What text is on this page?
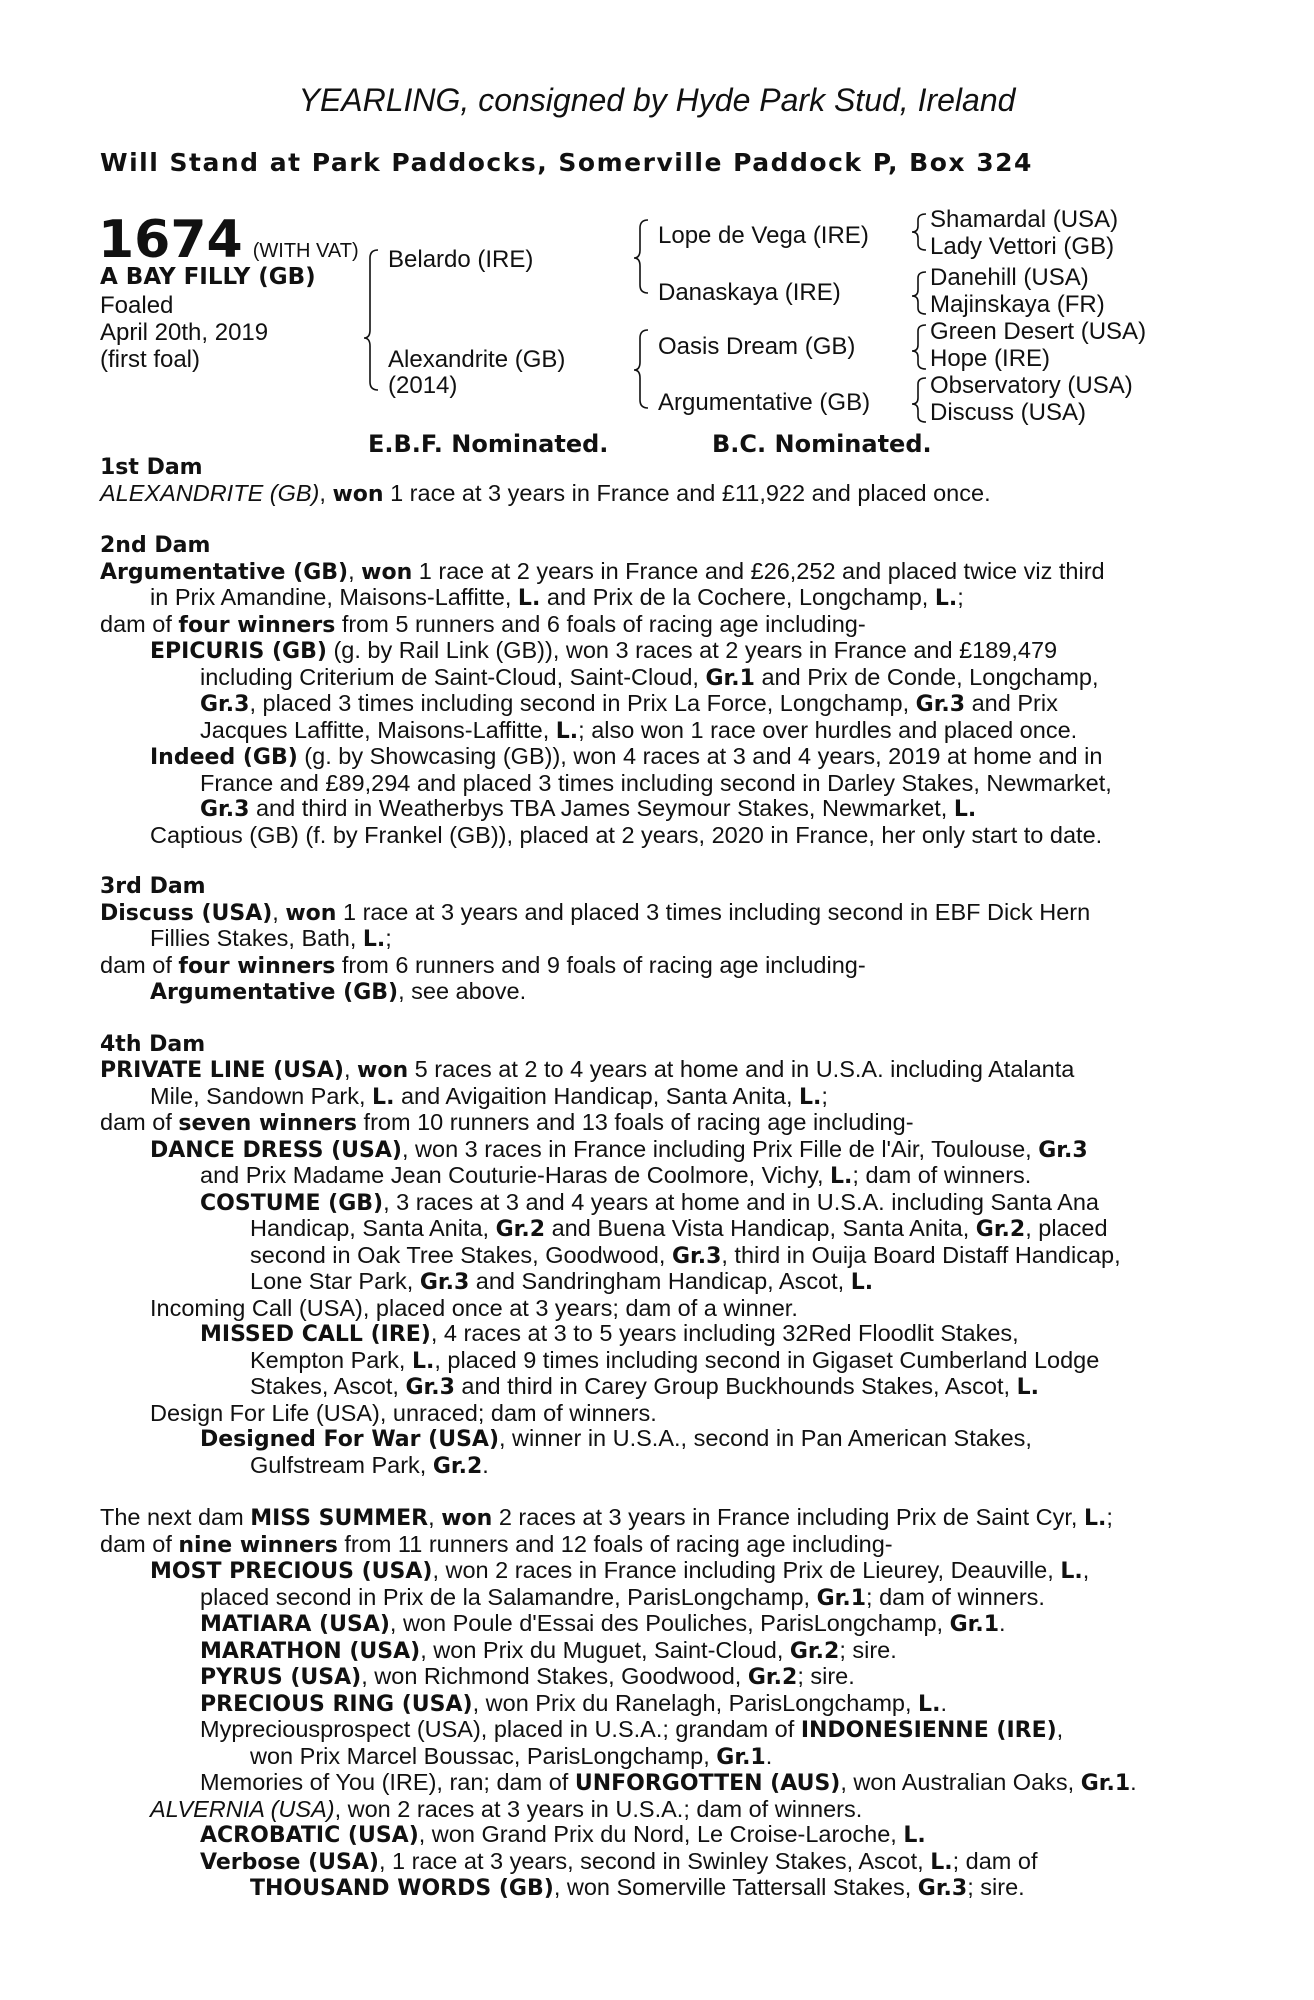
YEARLING, consigned by Hyde Park Stud, Ireland
Will Stand at Park Paddocks, Somerville Paddock P, Box 324
1674 (WITH VAT)
A BAY FILLY (GB)
Foaled
April 20th, 2019
(first foal)
Belardo (IRE)
Alexandrite (GB)
(2014)
Lope de Vega (IRE)
Danaskaya (IRE)
Oasis Dream (GB)
Argumentative (GB)
Shamardal (USA)
Lady Vettori (GB)
Danehill (USA)
Majinskaya (FR)
Green Desert (USA)
Hope (IRE)
Observatory (USA)
Discuss (USA)
E.B.F. Nominated.	B.C. Nominated.
1st Dam
ALEXANDRITE (GB), won 1 race at 3 years in France and £11,922 and placed once.
2nd Dam
Argumentative (GB), won 1 race at 2 years in France and £26,252 and placed twice viz third
in Prix Amandine, Maisons-Laffitte, L. and Prix de la Cochere, Longchamp, L.;
dam of four winners from 5 runners and 6 foals of racing age including-
EPICURIS (GB) (g. by Rail Link (GB)), won 3 races at 2 years in France and £189,479
including Criterium de Saint-Cloud, Saint-Cloud, Gr.1 and Prix de Conde, Longchamp,
Gr.3, placed 3 times including second in Prix La Force, Longchamp, Gr.3 and Prix
Jacques Laffitte, Maisons-Laffitte, L.; also won 1 race over hurdles and placed once.
Indeed (GB) (g. by Showcasing (GB)), won 4 races at 3 and 4 years, 2019 at home and in
France and £89,294 and placed 3 times including second in Darley Stakes, Newmarket,
Gr.3 and third in Weatherbys TBA James Seymour Stakes, Newmarket, L.
Captious (GB) (f. by Frankel (GB)), placed at 2 years, 2020 in France, her only start to date.
3rd Dam
Discuss (USA), won 1 race at 3 years and placed 3 times including second in EBF Dick Hern
Fillies Stakes, Bath, L.;
dam of four winners from 6 runners and 9 foals of racing age including-
Argumentative (GB), see above.
4th Dam
PRIVATE LINE (USA), won 5 races at 2 to 4 years at home and in U.S.A. including Atalanta
Mile, Sandown Park, L. and Avigaition Handicap, Santa Anita, L.;
dam of seven winners from 10 runners and 13 foals of racing age including-
DANCE DRESS (USA), won 3 races in France including Prix Fille de l'Air, Toulouse, Gr.3
and Prix Madame Jean Couturie-Haras de Coolmore, Vichy, L.; dam of winners.
COSTUME (GB), 3 races at 3 and 4 years at home and in U.S.A. including Santa Ana
Handicap, Santa Anita, Gr.2 and Buena Vista Handicap, Santa Anita, Gr.2, placed
second in Oak Tree Stakes, Goodwood, Gr.3, third in Ouija Board Distaff Handicap,
Lone Star Park, Gr.3 and Sandringham Handicap, Ascot, L.
Incoming Call (USA), placed once at 3 years; dam of a winner.
MISSED CALL (IRE), 4 races at 3 to 5 years including 32Red Floodlit Stakes,
Kempton Park, L., placed 9 times including second in Gigaset Cumberland Lodge
Stakes, Ascot, Gr.3 and third in Carey Group Buckhounds Stakes, Ascot, L.
Design For Life (USA), unraced; dam of winners.
Designed For War (USA), winner in U.S.A., second in Pan American Stakes,
Gulfstream Park, Gr.2.
The next dam MISS SUMMER, won 2 races at 3 years in France including Prix de Saint Cyr, L.;
dam of nine winners from 11 runners and 12 foals of racing age including-
MOST PRECIOUS (USA), won 2 races in France including Prix de Lieurey, Deauville, L.,
placed second in Prix de la Salamandre, ParisLongchamp, Gr.1; dam of winners.
MATIARA (USA), won Poule d'Essai des Pouliches, ParisLongchamp, Gr.1.
MARATHON (USA), won Prix du Muguet, Saint-Cloud, Gr.2; sire.
PYRUS (USA), won Richmond Stakes, Goodwood, Gr.2; sire.
PRECIOUS RING (USA), won Prix du Ranelagh, ParisLongchamp, L..
Mypreciousprospect (USA), placed in U.S.A.; grandam of INDONESIENNE (IRE),
won Prix Marcel Boussac, ParisLongchamp, Gr.1.
Memories of You (IRE), ran; dam of UNFORGOTTEN (AUS), won Australian Oaks, Gr.1.
ALVERNIA (USA), won 2 races at 3 years in U.S.A.; dam of winners.
ACROBATIC (USA), won Grand Prix du Nord, Le Croise-Laroche, L.
Verbose (USA), 1 race at 3 years, second in Swinley Stakes, Ascot, L.; dam of
THOUSAND WORDS (GB), won Somerville Tattersall Stakes, Gr.3; sire.
